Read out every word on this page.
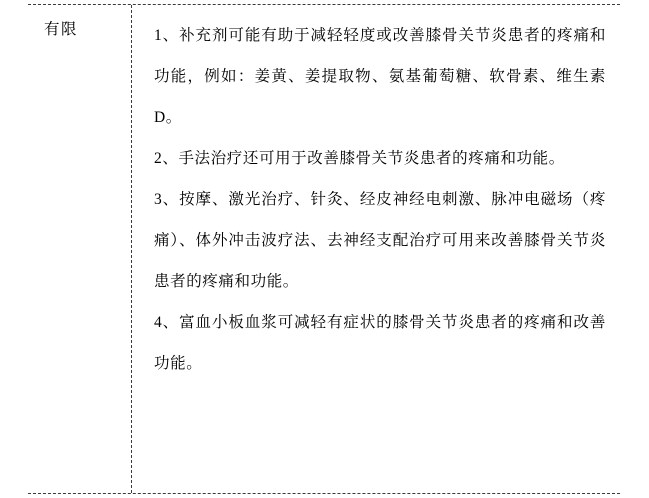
有限	1、补充剂可能有助于减轻轻度或改善膝骨关节炎患者的疼痛和功能，例如：姜黄、姜提取物、氨基葡萄糖、软骨素、维生素 D。

2、手法治疗还可用于改善膝骨关节炎患者的疼痛和功能。

3、按摩、激光治疗、针灸、经皮神经电刺激、脉冲电磁场（疼痛）、体外冲击波疗法、去神经支配治疗可用来改善膝骨关节炎患者的疼痛和功能。

4、富血小板血浆可减轻有症状的膝骨关节炎患者的疼痛和改善功能。
